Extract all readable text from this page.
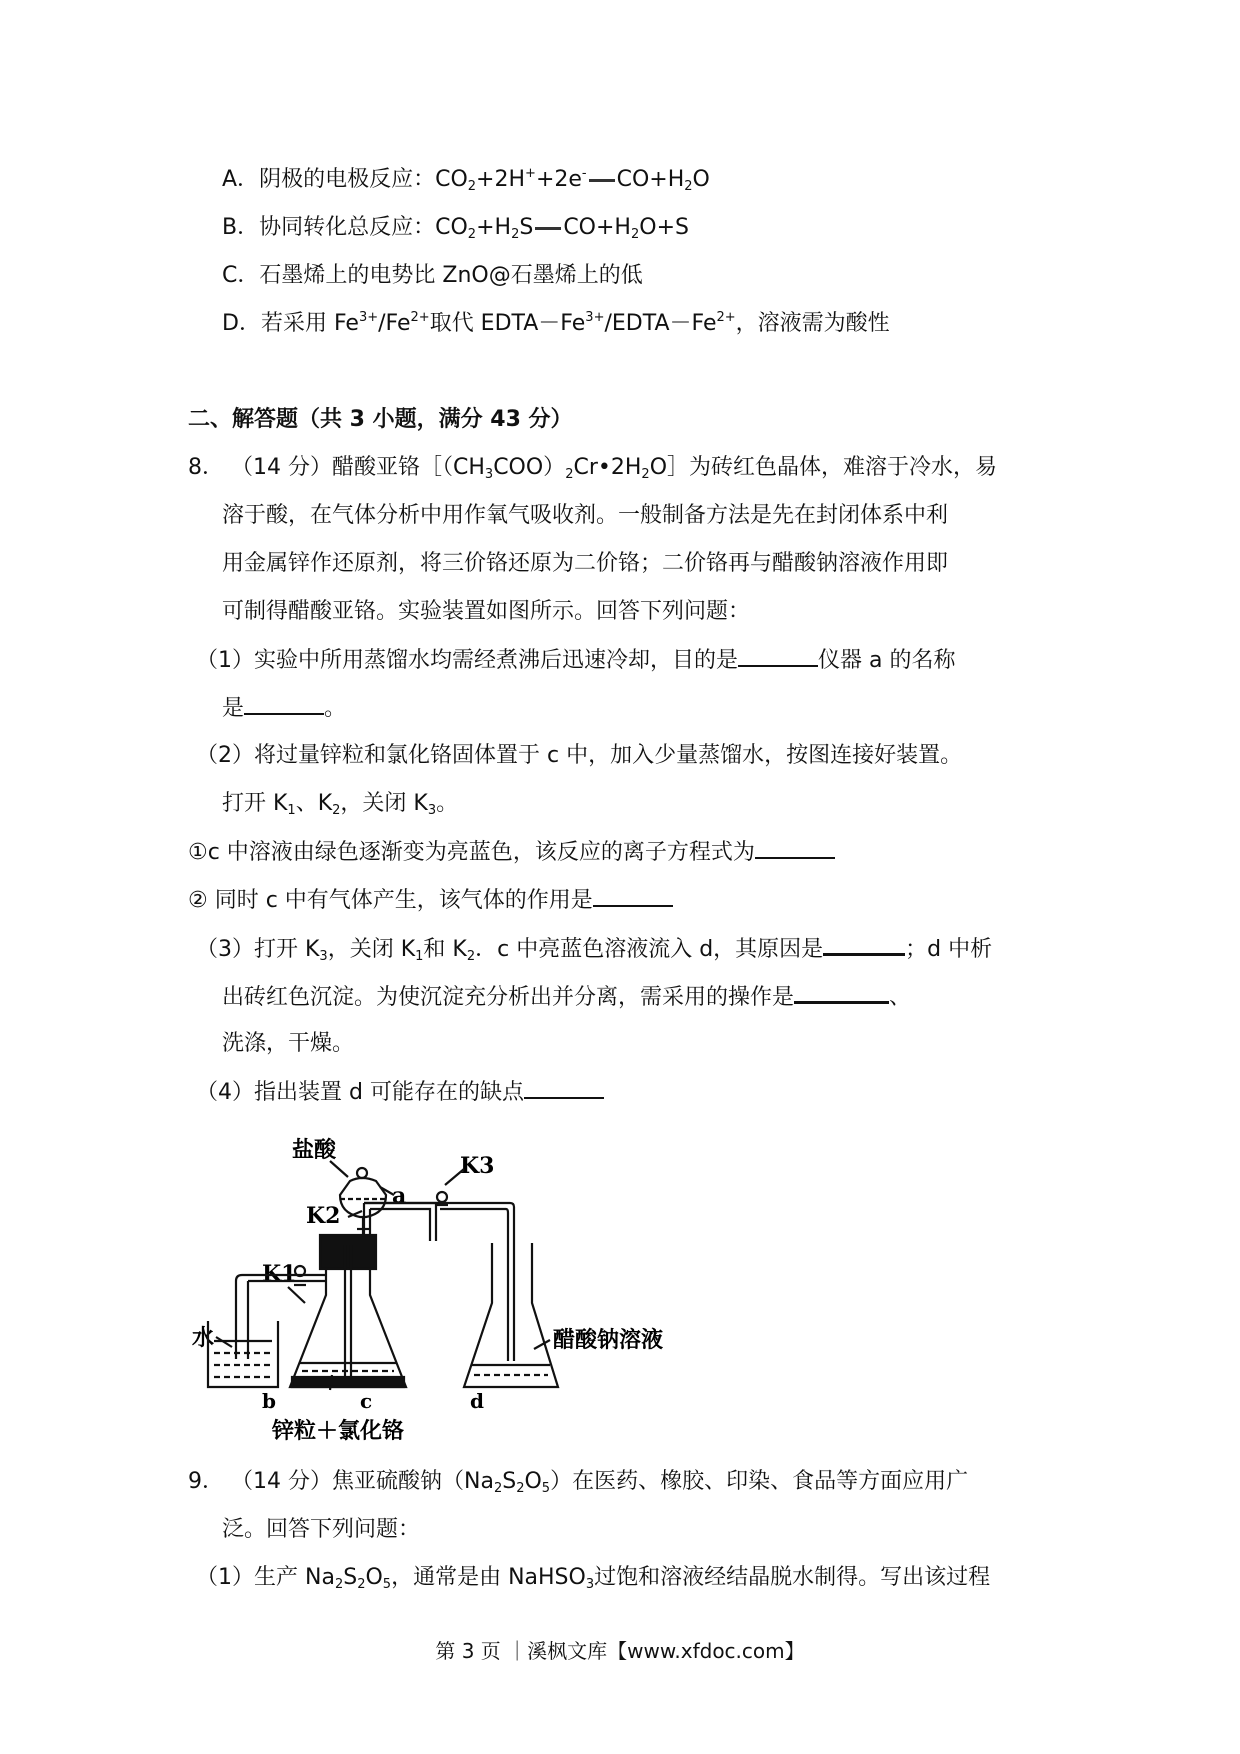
A．阴极的电极反应：$CO_2+2H^++2e^-$ $CO+H_2O$
B．协同转化总反应：$CO_2+H_2S$ $CO+H_2O+S$
C．石墨烯上的电势比 ZnO@石墨烯上的低
D．若采用 $Fe^{3+}/Fe^{2+}$取代 $EDTA-Fe^{3+}/EDTA-Fe^{2+}$，溶液需为酸性
二、解答题（共 3 小题，满分 43 分）
8． （14 分）醋酸亚铬$[(CH_3COO)_2Cr•2H_2O]$为砖红色晶体，难溶于冷水，易
溶于酸，在气体分析中用作氧气吸收剂。一般制备方法是先在封闭体系中利
用金属锌作还原剂，将三价铬还原为二价铬；二价铬再与醋酸钠溶液作用即
可制得醋酸亚铬。实验装置如图所示。回答下列问题：
（1）实验中所用蒸馏水均需经煮沸后迅速冷却，目的是	仪器 a 的名称
是	。
（2）将过量锌粒和氯化铬固体置于 c 中，加入少量蒸馏水，按图连接好装置。
打开 $K_1$、$K_2$，关闭 $K_3$。
①c 中溶液由绿色逐渐变为亮蓝色，该反应的离子方程式为
② 同时 c 中有气体产生，该气体的作用是
（3）打开 $K_3$，关闭 $K_1$和 $K_2$．c 中亮蓝色溶液流入 d，其原因是	；d 中析
出砖红色沉淀。为使沉淀充分析出并分离，需采用的操作是	、
洗涤，干燥。
（4）指出装置 d 可能存在的缺点
盐酸
a
K2
K3
K1
水	醋酸钠溶液
b	c	d
锌粒＋氯化铬
9． （14 分）焦亚硫酸钠$(Na_2S_2O_5)$在医药、橡胶、印染、食品等方面应用广
泛。回答下列问题：
（1）生产 $Na_2S_2O_5$，通常是由 NaHSO$_3$过饱和溶液经结晶脱水制得。写出该过程
第 3 页 ｜溪枫文库【www.xfdoc.com】
